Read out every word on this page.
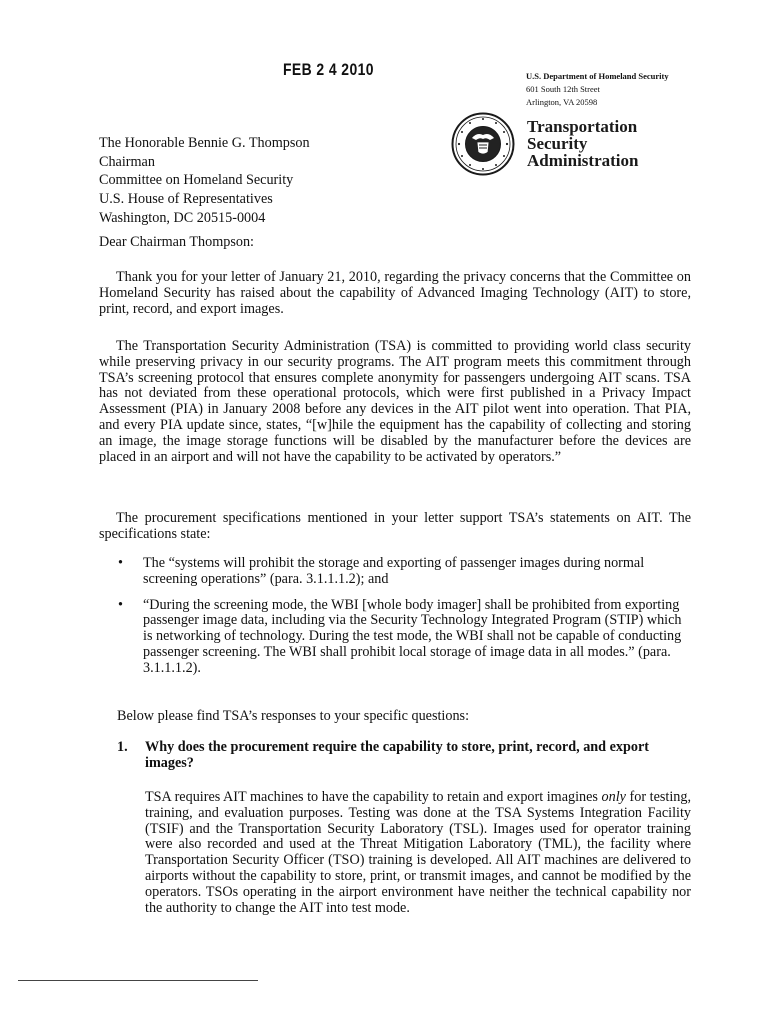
FEB 2 4 2010	U.S. Department of Homeland Security
601 South 12th Street
Arlington, VA 20598
Transportation
Security
Administration
The Honorable Bennie G. Thompson
Chairman
Committee on Homeland Security
U.S. House of Representatives
Washington, DC 20515-0004
Dear Chairman Thompson:

Thank you for your letter of January 21, 2010, regarding the privacy concerns that the Committee on Homeland Security has raised about the capability of Advanced Imaging Technology (AIT) to store, print, record, and export images.

The Transportation Security Administration (TSA) is committed to providing world class security while preserving privacy in our security programs. The AIT program meets this commitment through TSA’s screening protocol that ensures complete anonymity for passengers undergoing AIT scans. TSA has not deviated from these operational protocols, which were first published in a Privacy Impact Assessment (PIA) in January 2008 before any devices in the AIT pilot went into operation. That PIA, and every PIA update since, states, “[w]hile the equipment has the capability of collecting and storing an image, the image storage functions will be disabled by the manufacturer before the devices are placed in an airport and will not have the capability to be activated by operators.”

The procurement specifications mentioned in your letter support TSA’s statements on AIT. The specifications state:

• The “systems will prohibit the storage and exporting of passenger images during normal screening operations” (para. 3.1.1.1.2); and
• “During the screening mode, the WBI [whole body imager] shall be prohibited from exporting passenger image data, including via the Security Technology Integrated Program (STIP) which is networking of technology. During the test mode, the WBI shall not be capable of conducting passenger screening. The WBI shall prohibit local storage of image data in all modes.” (para. 3.1.1.1.2).
Below please find TSA’s responses to your specific questions:
1. Why does the procurement require the capability to store, print, record, and export images?

TSA requires AIT machines to have the capability to retain and export imagines only for testing, training, and evaluation purposes. Testing was done at the TSA Systems Integration Facility (TSIF) and the Transportation Security Laboratory (TSL). Images used for operator training were also recorded and used at the Threat Mitigation Laboratory (TML), the facility where Transportation Security Officer (TSO) training is developed. All AIT machines are delivered to airports without the capability to store, print, or transmit images, and cannot be modified by the operators. TSOs operating in the airport environment have neither the technical capability nor the authority to change the AIT into test mode.
